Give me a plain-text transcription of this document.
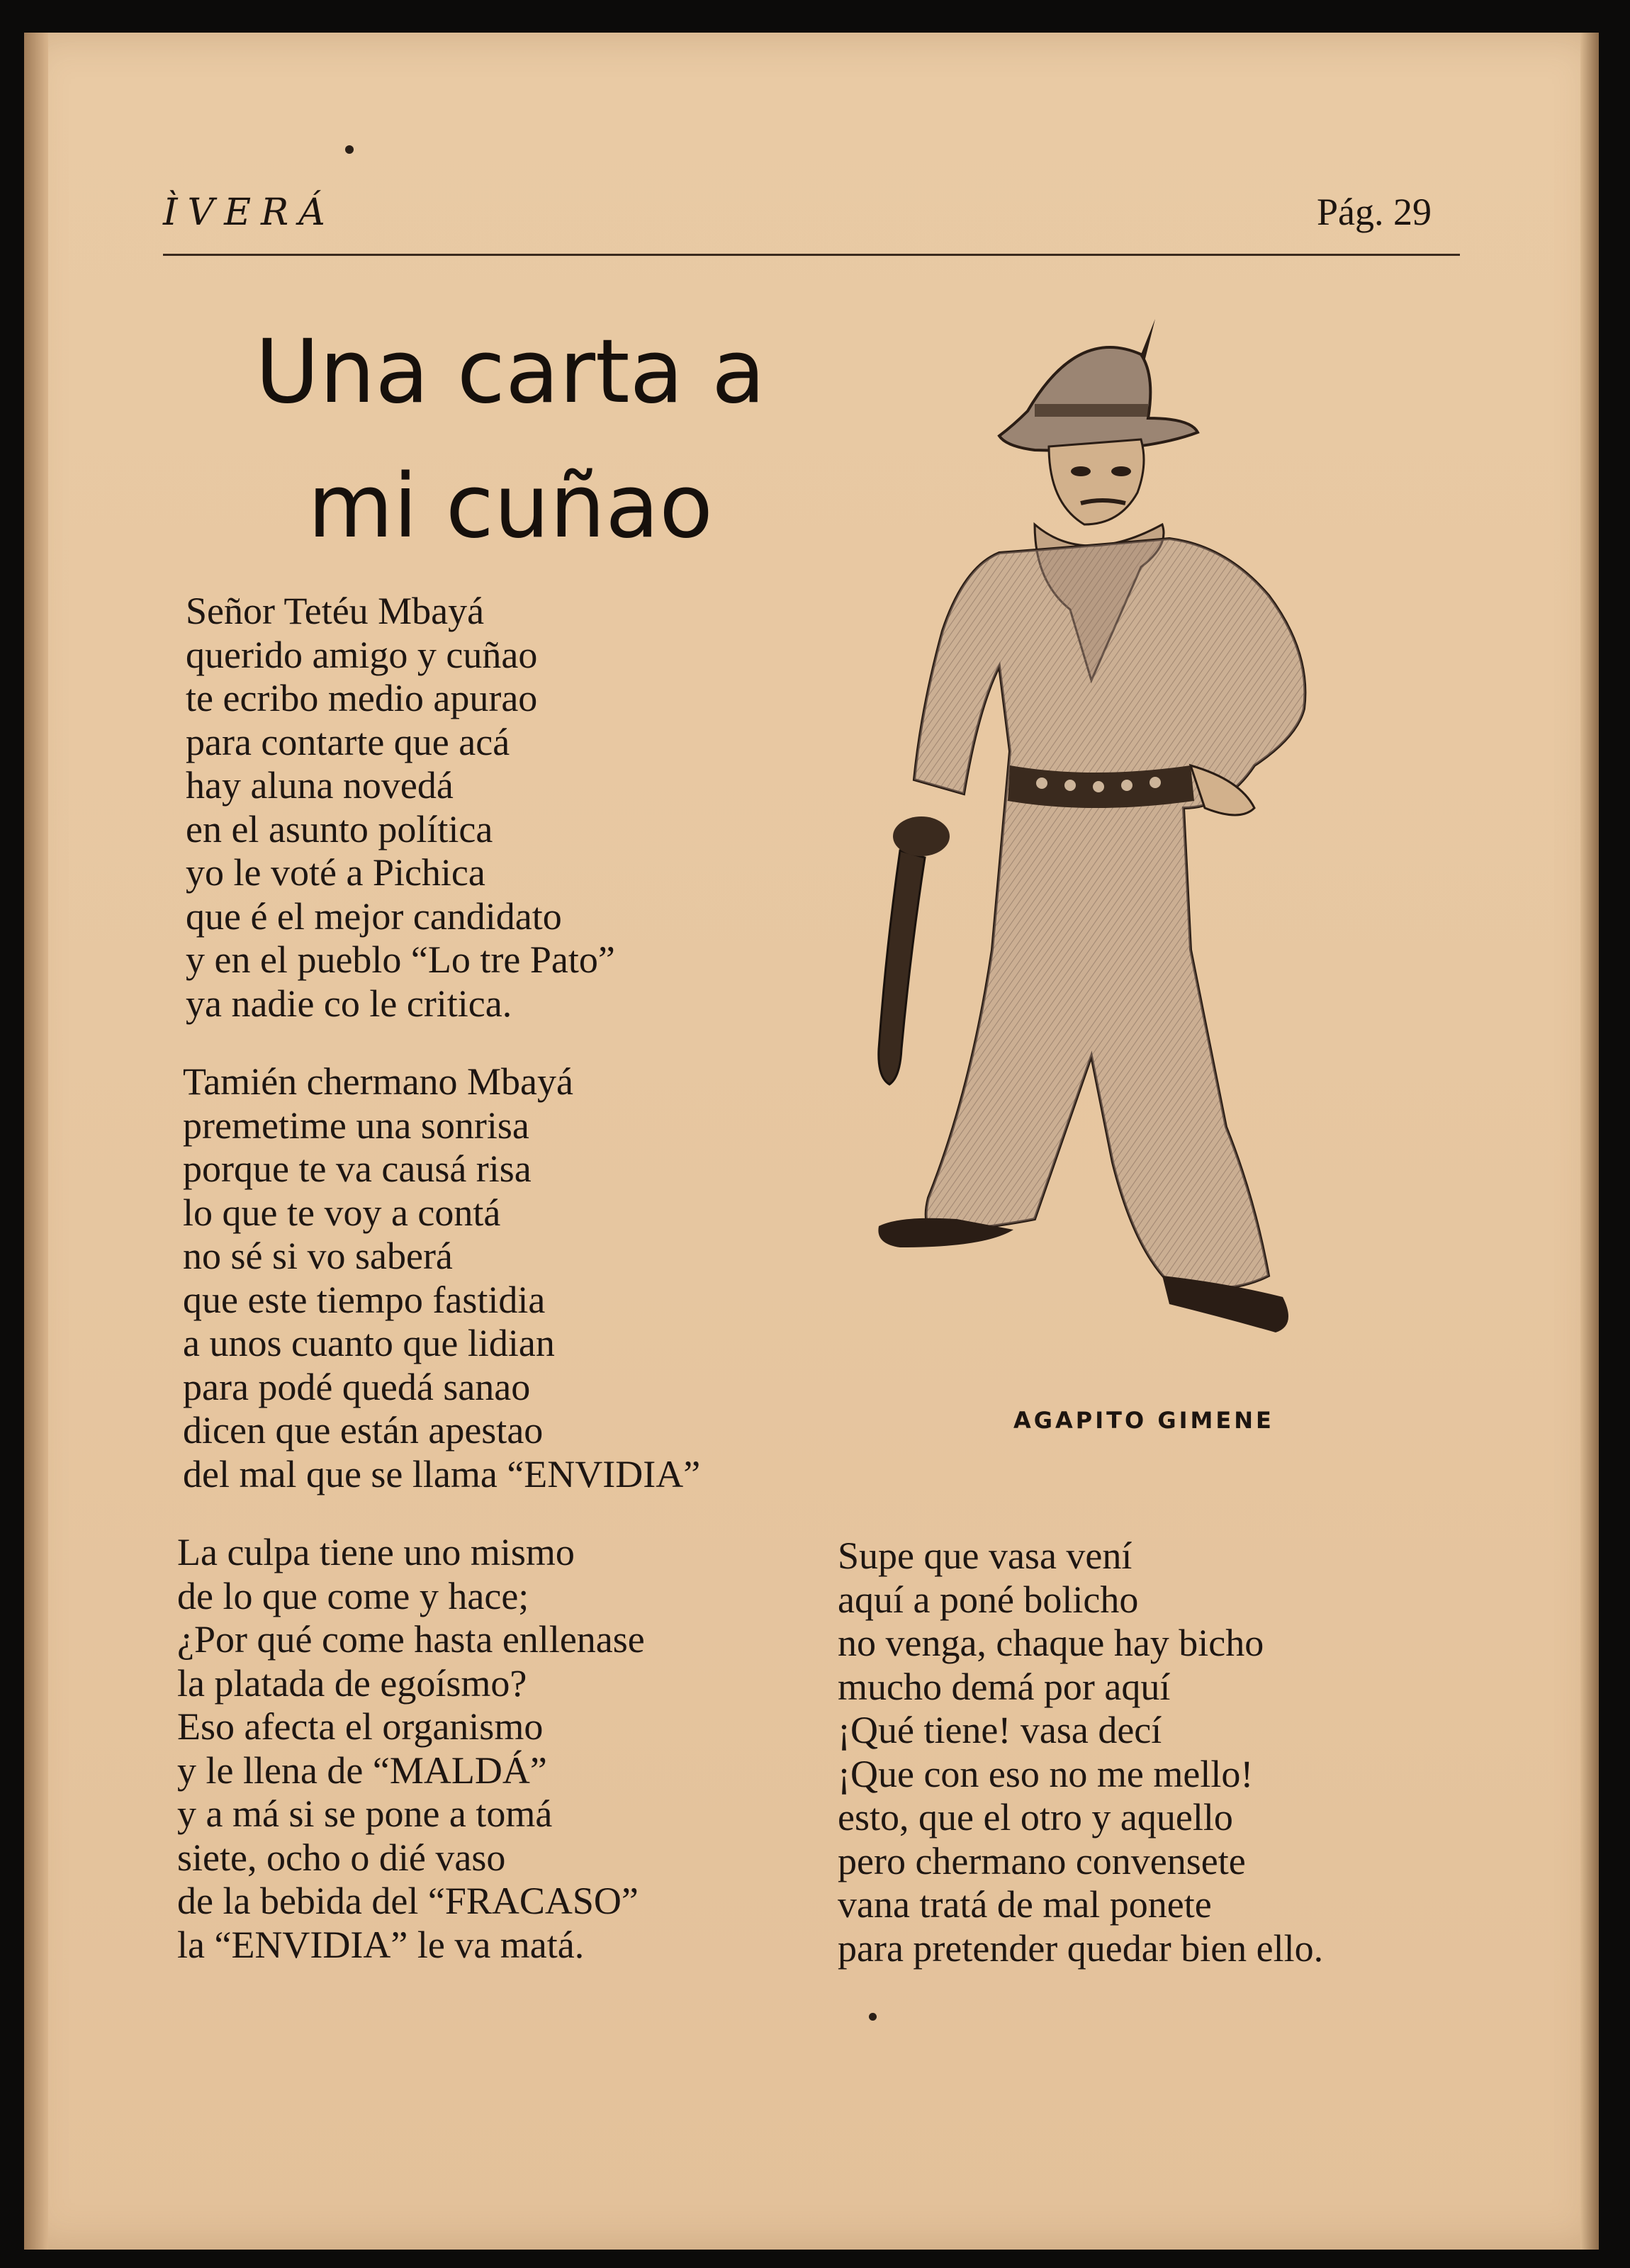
ÌVERÁ	Pág. 29
Una carta a
mi cuñao
Señor Tetéu Mbayá
querido amigo y cuñao
te ecribo medio apurao
para contarte que acá
hay aluna novedá
en el asunto política
yo le voté a Pichica
que é el mejor candidato
y en el pueblo “Lo tre Pato”
ya nadie co le critica.
Tamién chermano Mbayá
premetime una sonrisa
porque te va causá risa
lo que te voy a contá
no sé si vo saberá
que este tiempo fastidia
a unos cuanto que lidian
para podé quedá sanao
dicen que están apestao
del mal que se llama “ENVIDIA”
La culpa tiene uno mismo
de lo que come y hace;
¿Por qué come hasta enllenase
la platada de egoísmo?
Eso afecta el organismo
y le llena de “MALDÁ”
y a má si se pone a tomá
siete, ocho o dié vaso
de la bebida del “FRACASO”
la “ENVIDIA” le va matá.
Supe que vasa vení
aquí a poné bolicho
no venga, chaque hay bicho
mucho demá por aquí
¡Qué tiene! vasa decí
¡Que con eso no me mello!
esto, que el otro y aquello
pero chermano convensete
vana tratá de mal ponete
para pretender quedar bien ello.
AGAPITO GIMENE
